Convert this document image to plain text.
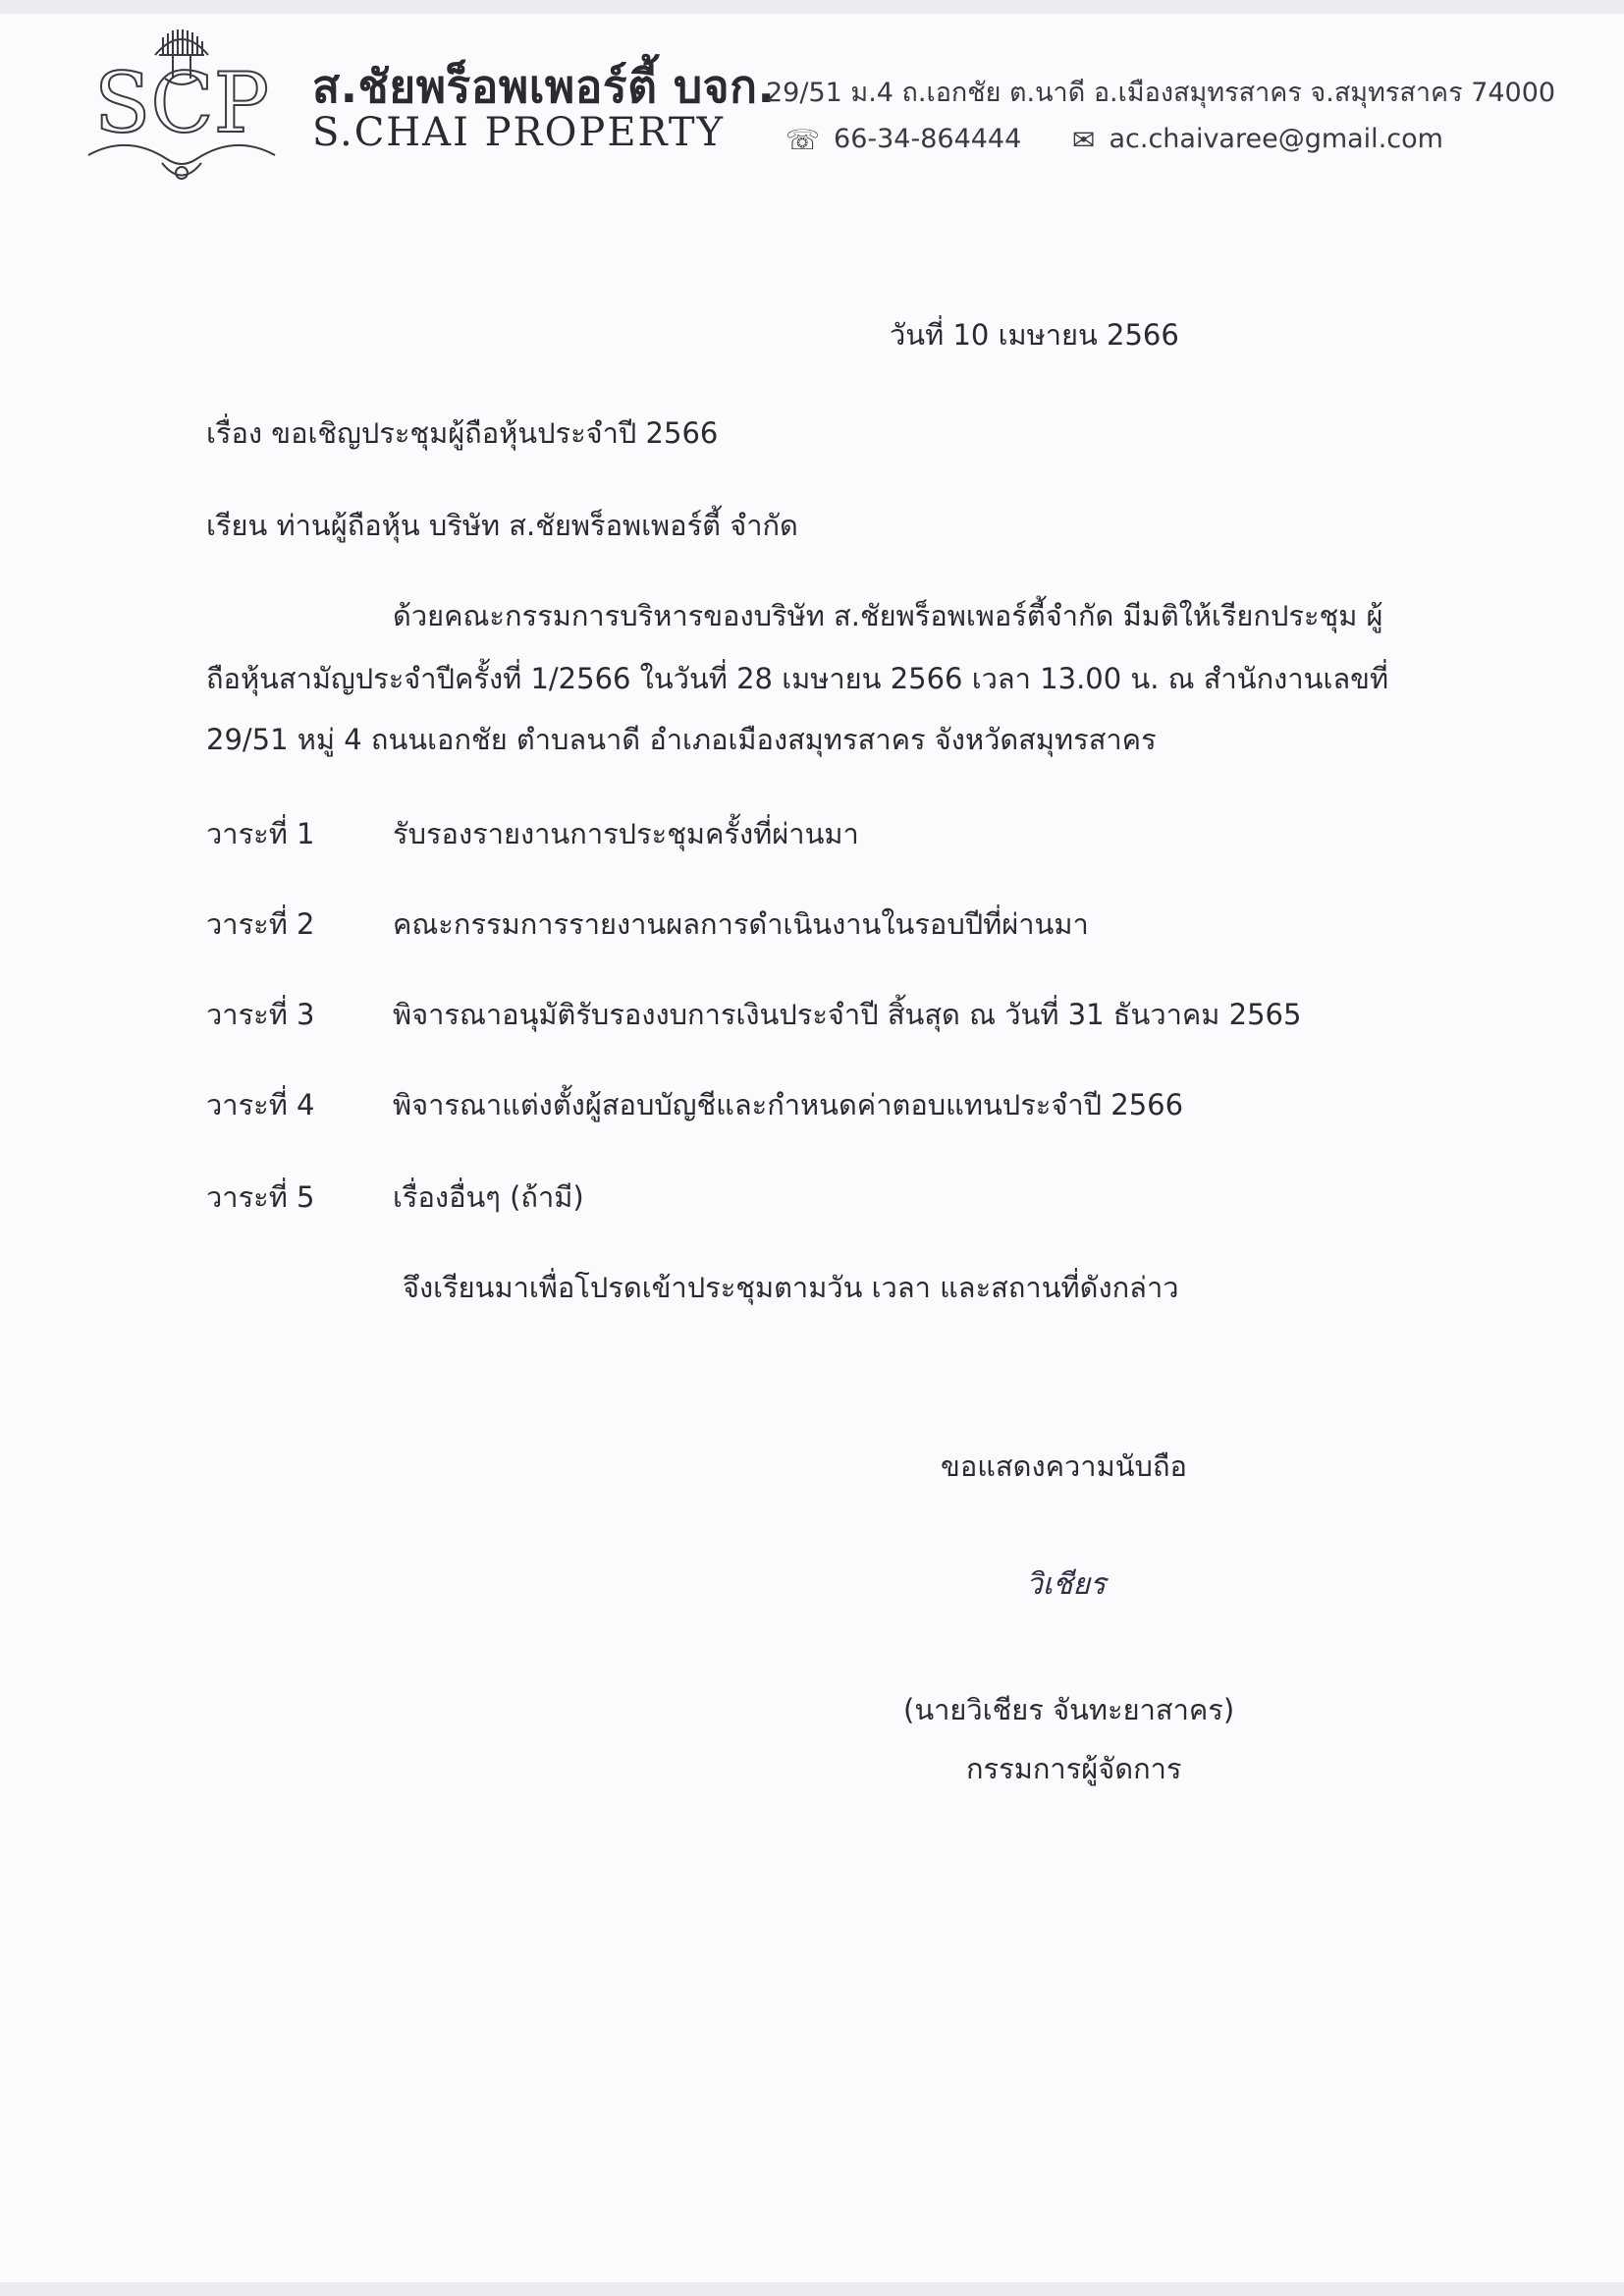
SCP ส.ชัยพร็อพเพอร์ตี้ บจก.
S.CHAI PROPERTY
29/51 ม.4 ถ.เอกชัย ต.นาดี อ.เมืองสมุทรสาคร จ.สมุทรสาคร 74000
☏ 66-34-864444 ✉ ac.chaivaree@gmail.com
วันที่ 10 เมษายน 2566
เรื่อง ขอเชิญประชุมผู้ถือหุ้นประจำปี 2566
เรียน ท่านผู้ถือหุ้น บริษัท ส.ชัยพร็อพเพอร์ตี้ จำกัด
ด้วยคณะกรรมการบริหารของบริษัท ส.ชัยพร็อพเพอร์ตี้จำกัด มีมติให้เรียกประชุม ผู้
ถือหุ้นสามัญประจำปีครั้งที่ 1/2566 ในวันที่ 28 เมษายน 2566 เวลา 13.00 น. ณ สำนักงานเลขที่
29/51 หมู่ 4 ถนนเอกชัย ตำบลนาดี อำเภอเมืองสมุทรสาคร จังหวัดสมุทรสาคร
วาระที่ 1	รับรองรายงานการประชุมครั้งที่ผ่านมา
วาระที่ 2	คณะกรรมการรายงานผลการดำเนินงานในรอบปีที่ผ่านมา
วาระที่ 3	พิจารณาอนุมัติรับรองงบการเงินประจำปี สิ้นสุด ณ วันที่ 31 ธันวาคม 2565
วาระที่ 4	พิจารณาแต่งตั้งผู้สอบบัญชีและกำหนดค่าตอบแทนประจำปี 2566
วาระที่ 5	เรื่องอื่นๆ (ถ้ามี)
จึงเรียนมาเพื่อโปรดเข้าประชุมตามวัน เวลา และสถานที่ดังกล่าว
ขอแสดงความนับถือ
วิเชียร
(นายวิเชียร จันทะยาสาคร)
กรรมการผู้จัดการ
